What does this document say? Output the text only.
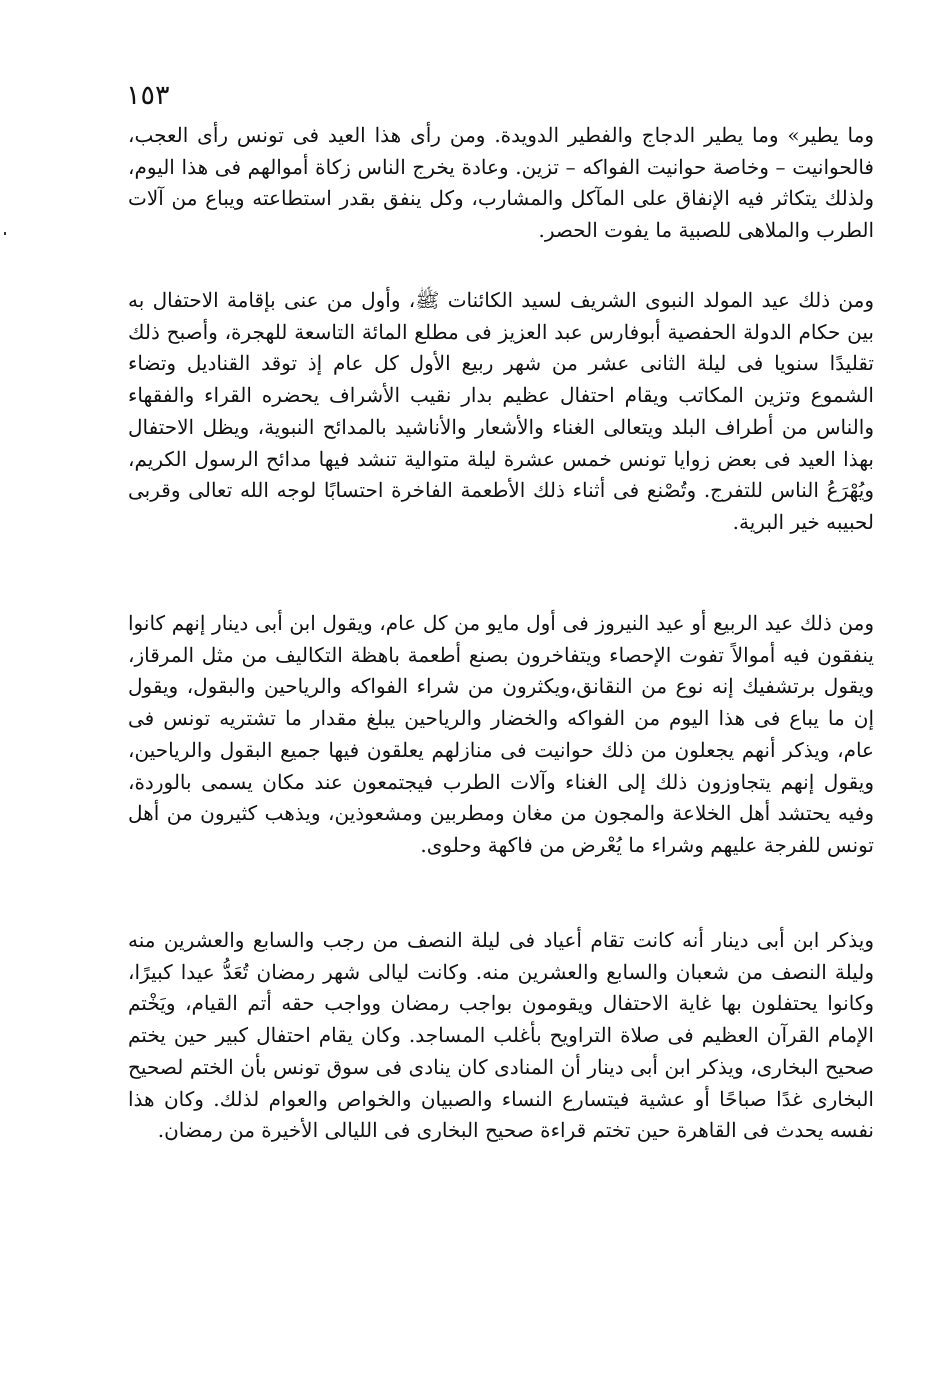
١٥٣

وما يطير» وما يطير الدجاج والفطير الدويدة. ومن رأى هذا العيد فى تونس رأى العجب، فالحوانيت – وخاصة حوانيت الفواكه – تزين. وعادة يخرج الناس زكاة أموالهم فى هذا اليوم، ولذلك يتكاثر فيه الإنفاق على المآكل والمشارب، وكل ينفق بقدر استطاعته ويباع من آلات الطرب والملاهى للصبية ما يفوت الحصر.

ومن ذلك عيد المولد النبوى الشريف لسيد الكائنات ﷺ، وأول من عنى بإقامة الاحتفال به بين حكام الدولة الحفصية أبوفارس عبد العزيز فى مطلع المائة التاسعة للهجرة، وأصبح ذلك تقليدًا سنويا فى ليلة الثانى عشر من شهر ربيع الأول كل عام إذ توقد القناديل وتضاء الشموع وتزين المكاتب ويقام احتفال عظيم بدار نقيب الأشراف يحضره القراء والفقهاء والناس من أطراف البلد ويتعالى الغناء والأشعار والأناشيد بالمدائح النبوية، ويظل الاحتفال بهذا العيد فى بعض زوايا تونس خمس عشرة ليلة متوالية تنشد فيها مدائح الرسول الكريم، ويُهْرَعُ الناس للتفرج. وتُصْنع فى أثناء ذلك الأطعمة الفاخرة احتسابًا لوجه الله تعالى وقربى لحبيبه خير البرية.

ومن ذلك عيد الربيع أو عيد النيروز فى أول مايو من كل عام، ويقول ابن أبى دينار إنهم كانوا ينفقون فيه أموالاً تفوت الإحصاء ويتفاخرون بصنع أطعمة باهظة التكاليف من مثل المرقاز، ويقول برتشفيك إنه نوع من النقانق،ويكثرون من شراء الفواكه والرياحين والبقول، ويقول إن ما يباع فى هذا اليوم من الفواكه والخضار والرياحين يبلغ مقدار ما تشتريه تونس فى عام، ويذكر أنهم يجعلون من ذلك حوانيت فى منازلهم يعلقون فيها جميع البقول والرياحين، ويقول إنهم يتجاوزون ذلك إلى الغناء وآلات الطرب فيجتمعون عند مكان يسمى بالوردة، وفيه يحتشد أهل الخلاعة والمجون من مغان ومطربين ومشعوذين، ويذهب كثيرون من أهل تونس للفرجة عليهم وشراء ما يُعْرض من فاكهة وحلوى.

ويذكر ابن أبى دينار أنه كانت تقام أعياد فى ليلة النصف من رجب والسابع والعشرين منه وليلة النصف من شعبان والسابع والعشرين منه. وكانت ليالى شهر رمضان تُعَدُّ عيدا كبيرًا، وكانوا يحتفلون بها غاية الاحتفال ويقومون بواجب رمضان وواجب حقه أتم القيام، ويَخْتم الإمام القرآن العظيم فى صلاة التراويح بأغلب المساجد. وكان يقام احتفال كبير حين يختم صحيح البخارى، ويذكر ابن أبى دينار أن المنادى كان ينادى فى سوق تونس بأن الختم لصحيح البخارى غدًا صباحًا أو عشية فيتسارع النساء والصبيان والخواص والعوام لذلك. وكان هذا نفسه يحدث فى القاهرة حين تختم قراءة صحيح البخارى فى الليالى الأخيرة من رمضان.
